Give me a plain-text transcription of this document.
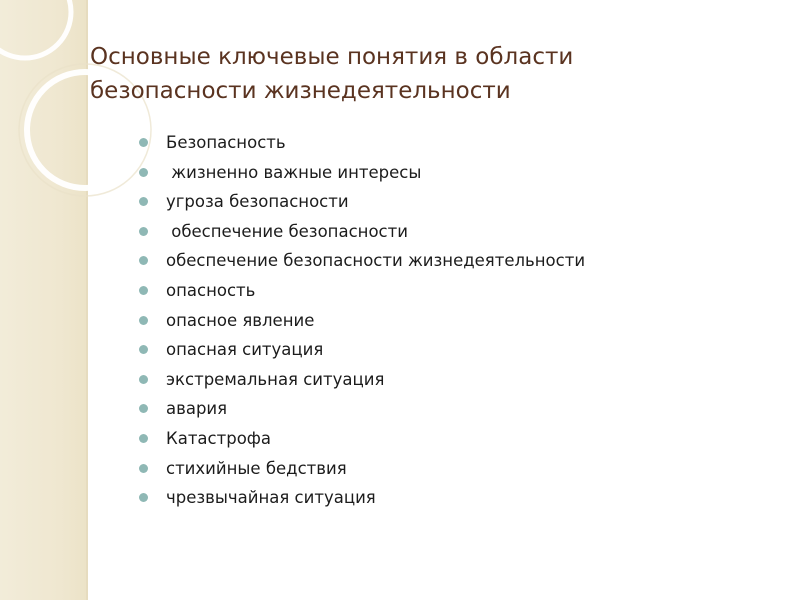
Основные ключевые понятия в области
безопасности жизнедеятельности
Безопасность
жизненно важные интересы
угроза безопасности
обеспечение безопасности
обеспечение безопасности жизнедеятельности
опасность
опасное явление
опасная ситуация
экстремальная ситуация
авария
Катастрофа
стихийные бедствия
чрезвычайная ситуация
